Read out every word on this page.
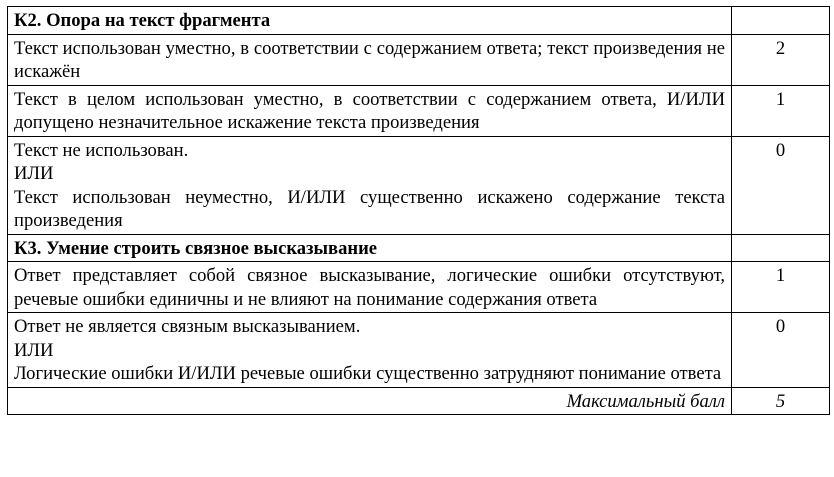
К2. Опора на текст фрагмента	

Текст использован уместно, в соответствии с содержанием ответа; текст произведения не искажён	2

Текст в целом использован уместно, в соответствии с содержанием ответа, И/ИЛИ допущено незначительное искажение текста произведения	1

Текст не использован.
ИЛИ
Текст использован неуместно, И/ИЛИ существенно искажено содержание текста произведения	0
К3. Умение строить связное высказывание	

Ответ представляет собой связное высказывание, логические ошибки отсутствуют, речевые ошибки единичны и не влияют на понимание содержания ответа	1

Ответ не является связным высказыванием.
ИЛИ
Логические ошибки И/ИЛИ речевые ошибки существенно затрудняют понимание ответа	0
Максимальный балл	5
